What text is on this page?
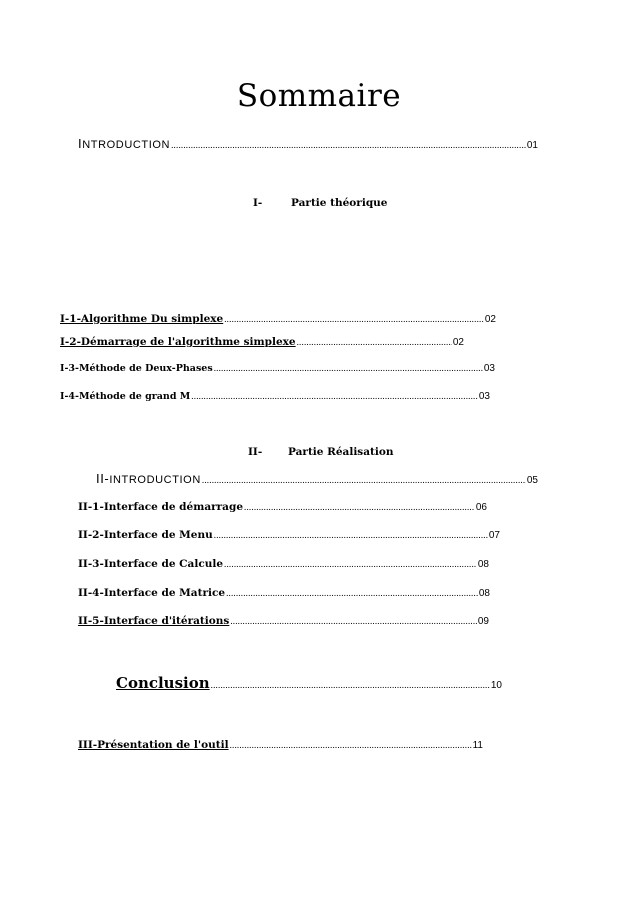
Sommaire
INTRODUCTION .....	01
I-	Partie théorique
I-1-Algorithme Du simplexe .....	02
I-2-Démarrage de l'algorithme simplexe .....	02
I-3-Méthode de Deux-Phases .....	03
I-4-Méthode de grand M .....	03
II- Partie Réalisation
II-INTRODUCTION .....	05
II-1-Interface de démarrage .....	06
II-2-Interface de Menu .....	07
II-3-Interface de Calcule .....	08
II-4-Interface de Matrice .....	08
II-5-Interface d'itérations .....	09
Conclusion .....	10
III-Présentation de l'outil .....	11
